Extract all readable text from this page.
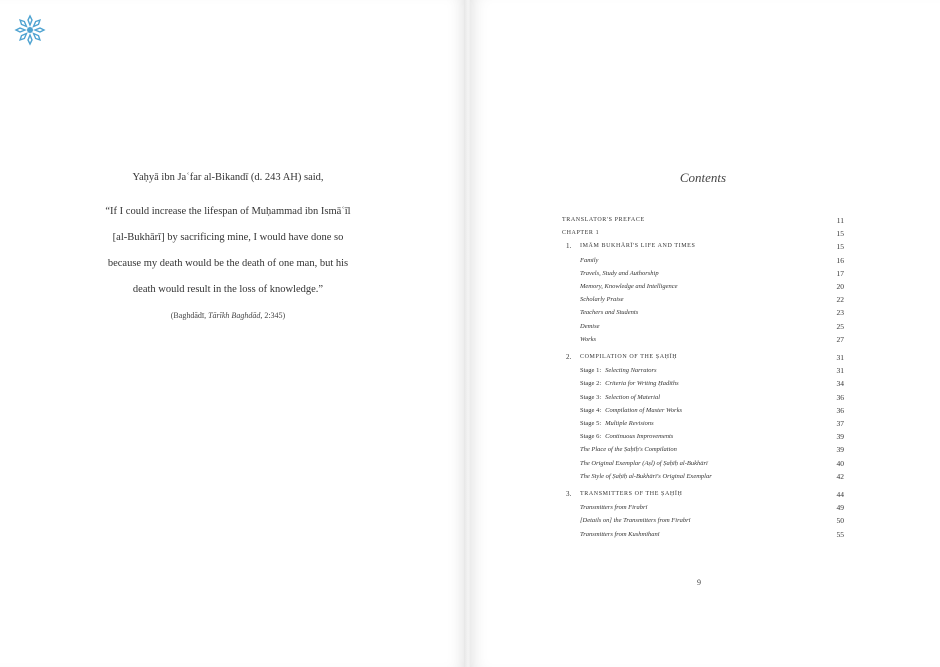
Yaḥyā ibn Jaʿfar al-Bikandī (d. 243 AH) said,
“If I could increase the lifespan of Muḥammad ibn Ismāʿīl
[al-Bukhārī] by sacrificing mine, I would have done so
because my death would be the death of one man, but his
death would result in the loss of knowledge.”
(Baghdādī, Tārīkh Baghdād, 2:345)
Contents
TRANSLATOR'S PREFACE	11
CHAPTER 1	15
1. IMĀM BUKHĀRĪ'S LIFE AND TIMES	15
Family	16
Travels, Study and Authorship	17
Memory, Knowledge and Intelligence	20
Scholarly Praise	22
Teachers and Students	23
Demise	25
Works	27
2. COMPILATION OF THE ṢAḤĪḤ	31
Stage 1: Selecting Narrators	31
Stage 2: Criteria for Writing Ḥadīths	34
Stage 3: Selection of Material	36
Stage 4: Compilation of Master Works	36
Stage 5: Multiple Revisions	37
Stage 6: Continuous Improvements	39
The Place of the Ṣaḥīḥ's Compilation	39
The Original Exemplar (Aṣl) of Ṣaḥīḥ al-Bukhārī	40
The Style of Ṣaḥīḥ al-Bukhārī's Original Exemplar	42
3. TRANSMITTERS OF THE ṢAḤĪḤ	44
Transmitters from Firabrī	49
[Details on] the Transmitters from Firabrī	50
Transmitters from Kushmīhanī	55
9
